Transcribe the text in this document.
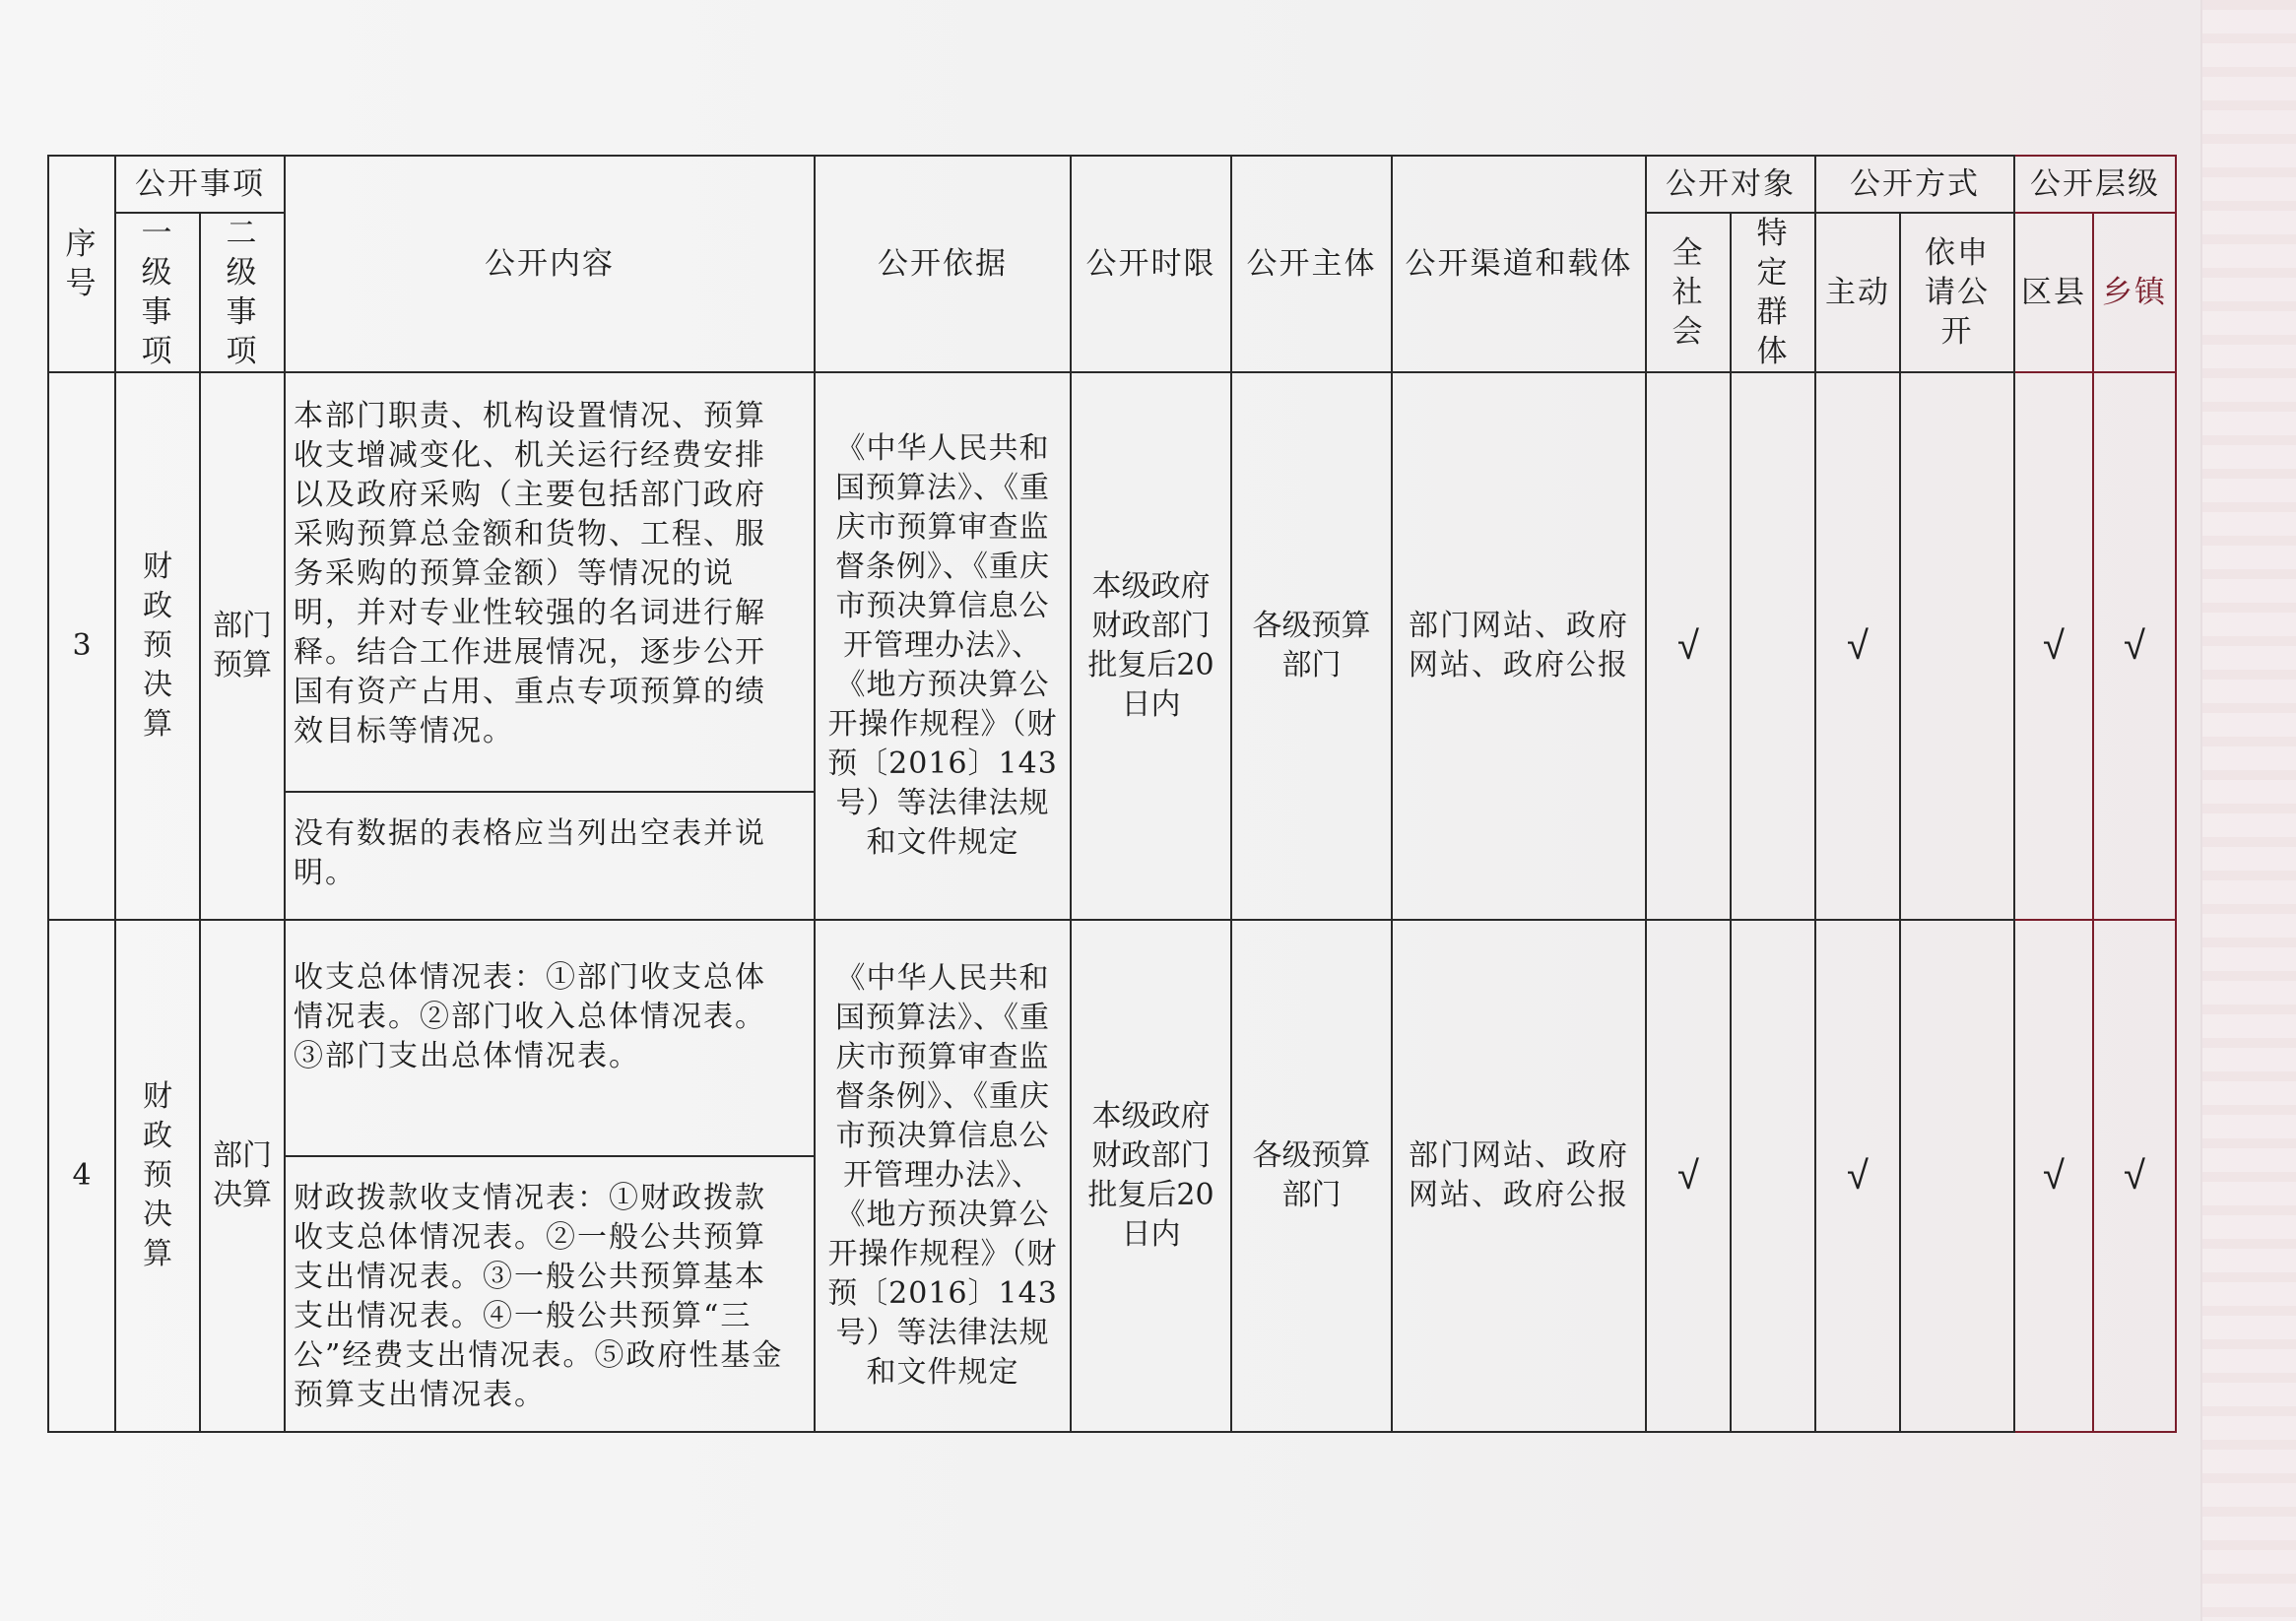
序号	公开事项		公开内容	公开依据	公开时限	公开主体	公开渠道和载体	公开对象		公开方式		公开层级	
	一级事项	二级事项						全社会	特定群体	主动	依申请公开	区县	乡镇
3	财政预决算	部门预算	本部门职责、机构设置情况、预算收支增减变化、机关运行经费安排以及政府采购（主要包括部门政府采购预算总金额和货物、工程、服务采购的预算金额）等情况的说明，并对专业性较强的名词进行解释。结合工作进展情况，逐步公开国有资产占用、重点专项预算的绩效目标等情况。	《中华人民共和国预算法》、《重庆市预算审查监督条例》、《重庆市预决算信息公开管理办法》、《地方预决算公开操作规程》（财预〔2016〕143号）等法律法规和文件规定	本级政府财政部门批复后20日内	各级预算部门	部门网站、政府网站、政府公报	√		√		√	√
			没有数据的表格应当列出空表并说明。										
4	财政预决算	部门决算	收支总体情况表：①部门收支总体情况表。②部门收入总体情况表。③部门支出总体情况表。	《中华人民共和国预算法》、《重庆市预算审查监督条例》、《重庆市预决算信息公开管理办法》、《地方预决算公开操作规程》（财预〔2016〕143号）等法律法规和文件规定	本级政府财政部门批复后20日内	各级预算部门	部门网站、政府网站、政府公报	√		√		√	√
			财政拨款收支情况表：①财政拨款收支总体情况表。②一般公共预算支出情况表。③一般公共预算基本支出情况表。④一般公共预算“三公”经费支出情况表。⑤政府性基金预算支出情况表。										
